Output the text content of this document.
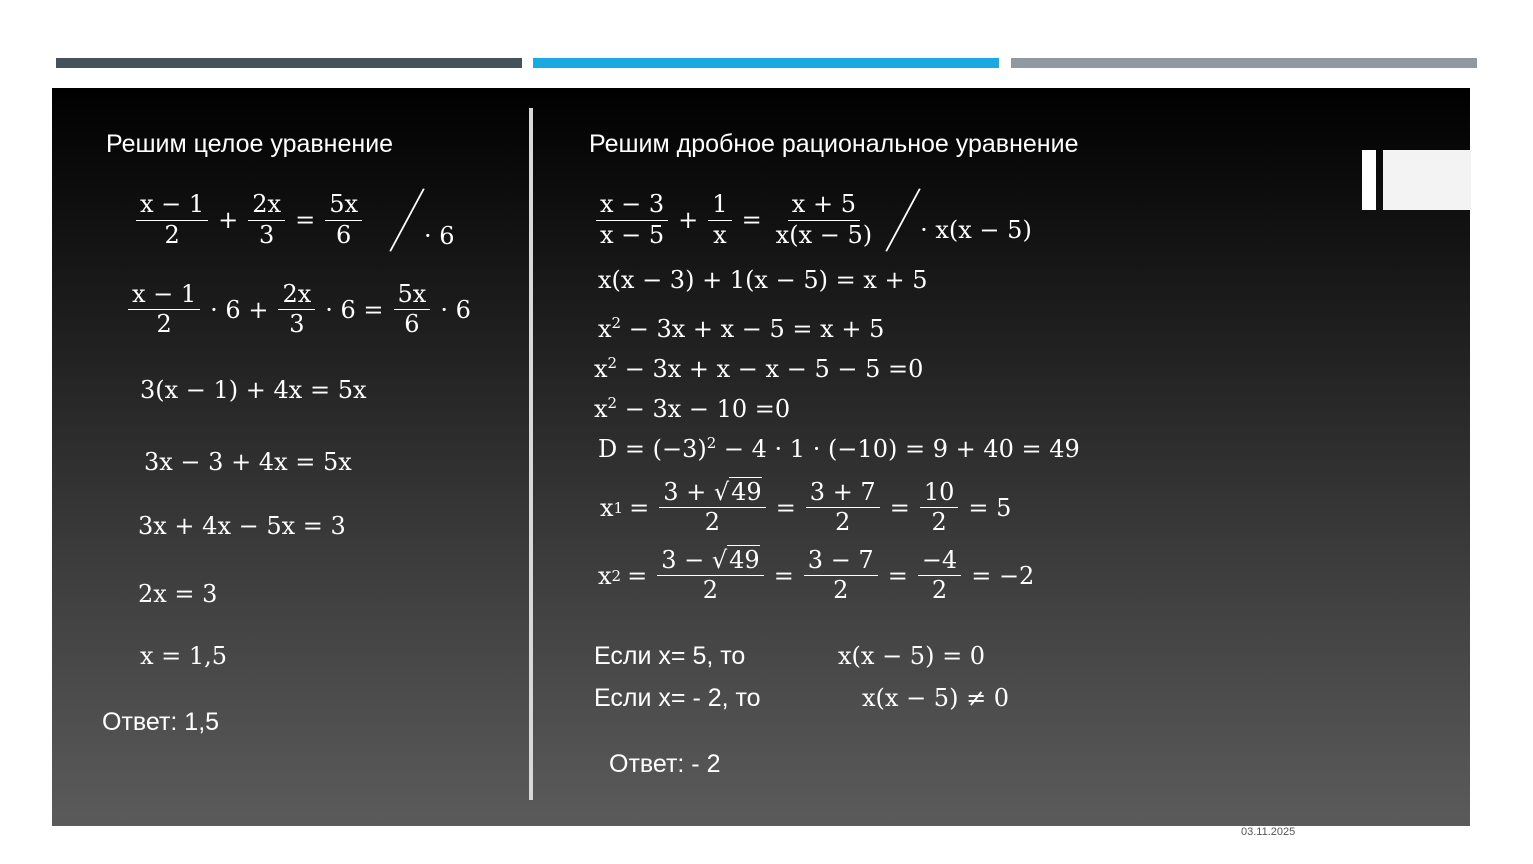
Решим целое уравнение
$\frac{x - 1}{2} + \frac{2x}{3} = \frac{5x}{6}$	· 6
$\frac{x - 1}{2} \cdot 6 + \frac{2x}{3} \cdot 6 = \frac{5x}{6} \cdot 6$
3(x − 1) + 4x = 5x
3x − 3 + 4x = 5x
3x + 4x − 5x = 3
2x = 3
x = 1,5
Ответ: 1,5
Решим дробное рациональное уравнение
$\frac{x - 3}{x - 5} + \frac{1}{x} = \frac{x + 5}{x(x - 5)} \cdot x(x - 5)$
x(x − 3) + 1(x − 5) = x + 5
$x^2 - 3x + x - 5 = x + 5$
$x^2 - 3x + x - x - 5 - 5 =0$
$x^2 - 3x - 10 =0$
$D = (-3)^2 - 4 \cdot 1 \cdot (-10) = 9 + 40 = 49$
x $1 = \frac{3 + √49}{2} = \frac{3 + 7}{2} = \frac{10}{2} = 5$
x $2 = \frac{3 - √49}{2} = \frac{3 - 7}{2} = \frac{-4}{2} = -2$
Если x= 5, то	x(x − 5) = 0
Если x= - 2, то	x(x − 5) ≠ 0
Ответ: - 2
03.11.2025
